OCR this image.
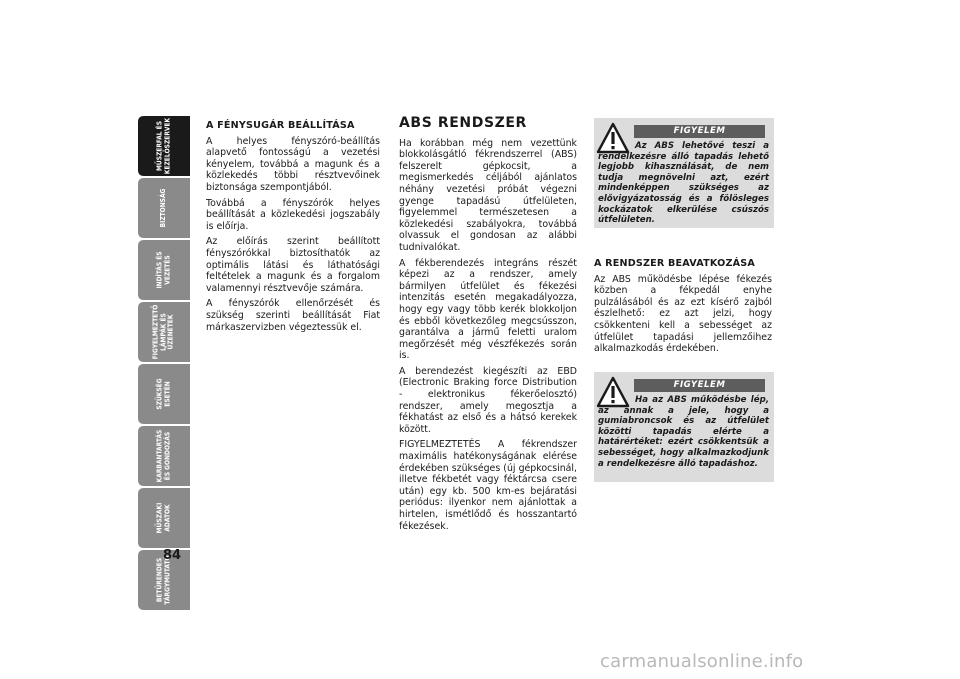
MŰSZERFAL ÉS
KEZELŐSZERVEK
BIZTONSÁG
INDÍTÁS ÉS
VEZETÉS
FIGYELMEZTETŐ
LÁMPÁK ÉS
ÜZENETEK
SZÜKSÉG
ESETÉN
KARBANTARTÁS
ÉS GONDOZÁS
MŰSZAKI
ADATOK
BETŰRENDES
TÁRGYMUTATÓ
84
A FÉNYSUGÁR BEÁLLÍTÁSA

A helyes fényszóró-beállítás alapvető fontosságú a vezetési kényelem, továbbá a magunk és a közlekedés többi résztvevőinek biztonsága szempontjából.

Továbbá a fényszórók helyes beállítását a közlekedési jogszabály is előírja.

Az előírás szerint beállított fényszórókkal biztosíthatók az optimális látási és láthatósági feltételek a magunk és a forgalom valamennyi résztvevője számára.

A fényszórók ellenőrzését és szükség szerinti beállítását Fiat márkaszervizben végeztessük el.

ABS RENDSZER

Ha korábban még nem vezettünk blokkolásgátló fékrendszerrel (ABS) felszerelt gépkocsit, a megismerkedés céljából ajánlatos néhány vezetési próbát végezni gyenge tapadású útfelületen, figyelemmel természetesen a közlekedési szabályokra, továbbá olvassuk el gondosan az alábbi tudnivalókat.

A fékberendezés integráns részét képezi az a rendszer, amely bármilyen útfelület és fékezési intenzitás esetén megakadályozza, hogy egy vagy több kerék blokkoljon és ebből következőleg megcsússzon, garantálva a jármű feletti uralom megőrzését még vészfékezés során is.

A berendezést kiegészíti az EBD (Electronic Braking force Distribution - elektronikus fékerőelosztó) rendszer, amely megosztja a fékhatást az első és a hátsó kerekek között.

FIGYELMEZTETÉS A fékrendszer maximális hatékonyságának elérése érdekében szükséges (új gépkocsinál, illetve fékbetét vagy féktárcsa csere után) egy kb. 500 km-es bejáratási periódus: ilyenkor nem ajánlottak a hirtelen, ismétlődő és hosszantartó fékezések.

FIGYELEM
Az ABS lehetővé teszi a rendelkezésre álló tapadás lehető legjobb kihasználását, de nem tudja megnövelni azt, ezért mindenképpen szükséges az elővigyázatosság és a fölösleges kockázatok elkerülése csúszós útfelületen.
A RENDSZER BEAVATKOZÁSA

Az ABS működésbe lépése fékezés közben a fékpedál enyhe pulzálásából és az ezt kísérő zajból észlelhető: ez azt jelzi, hogy csökkenteni kell a sebességet az útfelület tapadási jellemzőihez alkalmazkodás érdekében.

FIGYELEM
Ha az ABS működésbe lép, az annak a jele, hogy a gumiabroncsok és az útfelület közötti tapadás elérte a határértéket: ezért csökkentsük a sebességet, hogy alkalmazkodjunk a rendelkezésre álló tapadáshoz.
carmanualsonline.info
